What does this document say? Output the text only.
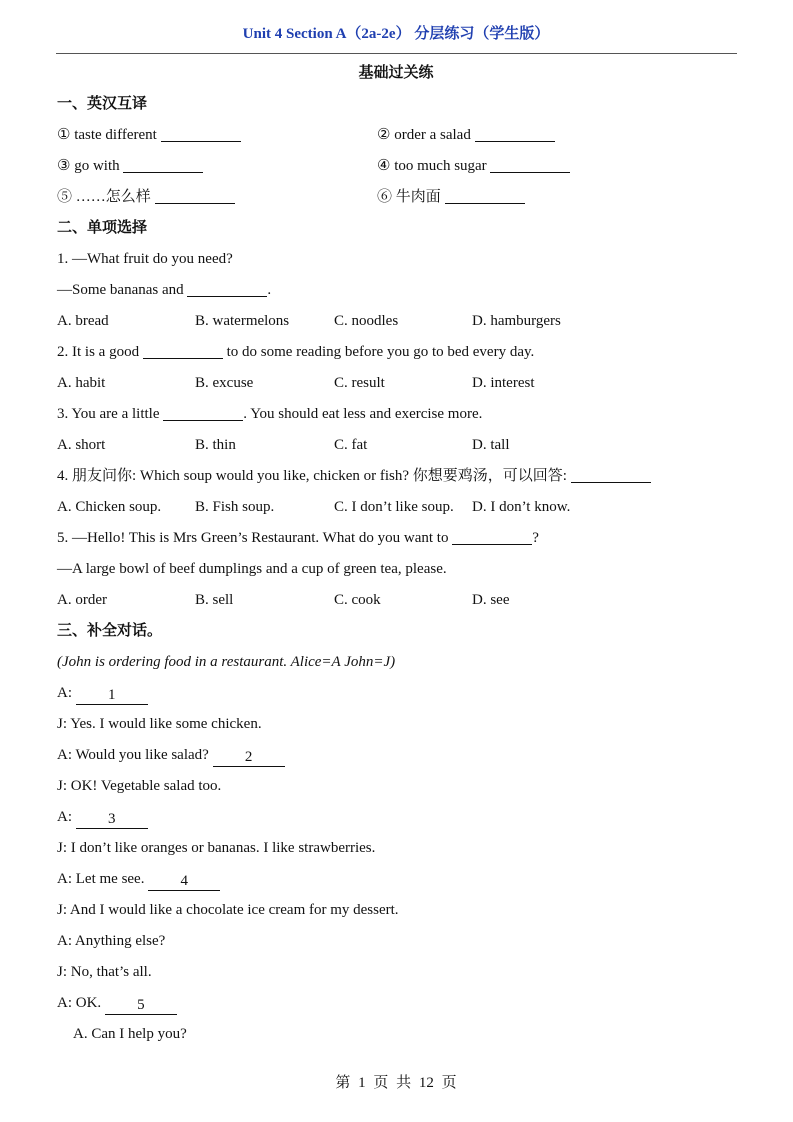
Unit 4 Section A（2a-2e） 分层练习（学生版）
基础过关练
一、英汉互译
① taste different	② order a salad
③ go with	④ too much sugar
⑤ ……怎么样	⑥ 牛肉面
二、单项选择
1. —What fruit do you need?
—Some bananas and	.
A. bread	B. watermelons	C. noodles	D. hamburgers
2. It is a good	to do some reading before you go to bed every day.
A. habit	B. excuse	C. result	D. interest
3. You are a little	. You should eat less and exercise more.
A. short	B. thin	C. fat	D. tall
4. 朋友问你: Which soup would you like, chicken or fish? 你想要鸡汤，可以回答:
A. Chicken soup. B. Fish soup.	C. I don’t like soup. D. I don’t know.
5. —Hello! This is Mrs Green’s Restaurant. What do you want to	?
—A large bowl of beef dumplings and a cup of green tea, please.
A. order	B. sell	C. cook	D. see
三、补全对话。
(John is ordering food in a restaurant. Alice=A John=J)
A: 1
J: Yes. I would like some chicken.
A: Would you like salad? 2
J: OK! Vegetable salad too.
A: 3
J: I don’t like oranges or bananas. I like strawberries.
A: Let me see. 4
J: And I would like a chocolate ice cream for my dessert.
A: Anything else?
J: No, that’s all.
A: OK. 5
A. Can I help you?
第 1 页 共 12 页
